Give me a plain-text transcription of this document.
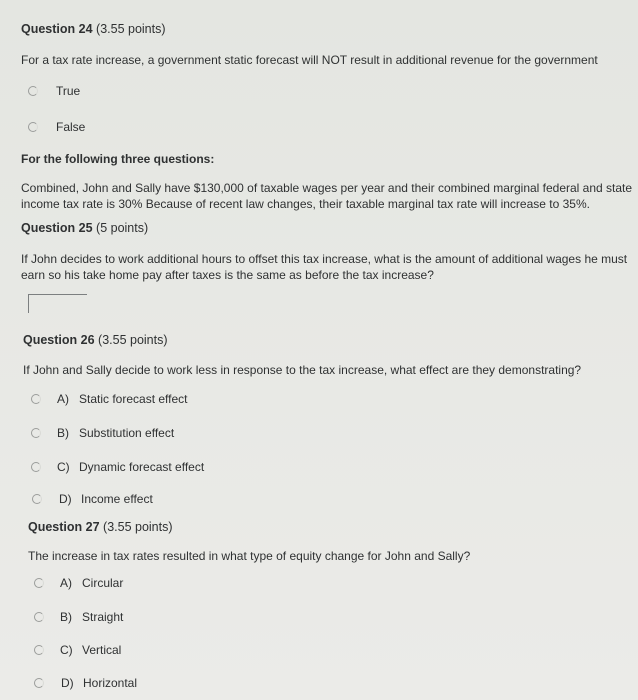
Question 24 (3.55 points)
For a tax rate increase, a government static forecast will NOT result in additional revenue for the government
True
False
For the following three questions:
Combined, John and Sally have $130,000 of taxable wages per year and their combined marginal federal and state income tax rate is 30% Because of recent law changes, their taxable marginal tax rate will increase to 35%.
Question 25 (5 points)
If John decides to work additional hours to offset this tax increase, what is the amount of additional wages he must earn so his take home pay after taxes is the same as before the tax increase?
Question 26 (3.55 points)
If John and Sally decide to work less in response to the tax increase, what effect are they demonstrating?
A) Static forecast effect
B) Substitution effect
C) Dynamic forecast effect
D) Income effect
Question 27 (3.55 points)
The increase in tax rates resulted in what type of equity change for John and Sally?
A) Circular
B) Straight
C) Vertical
D) Horizontal
